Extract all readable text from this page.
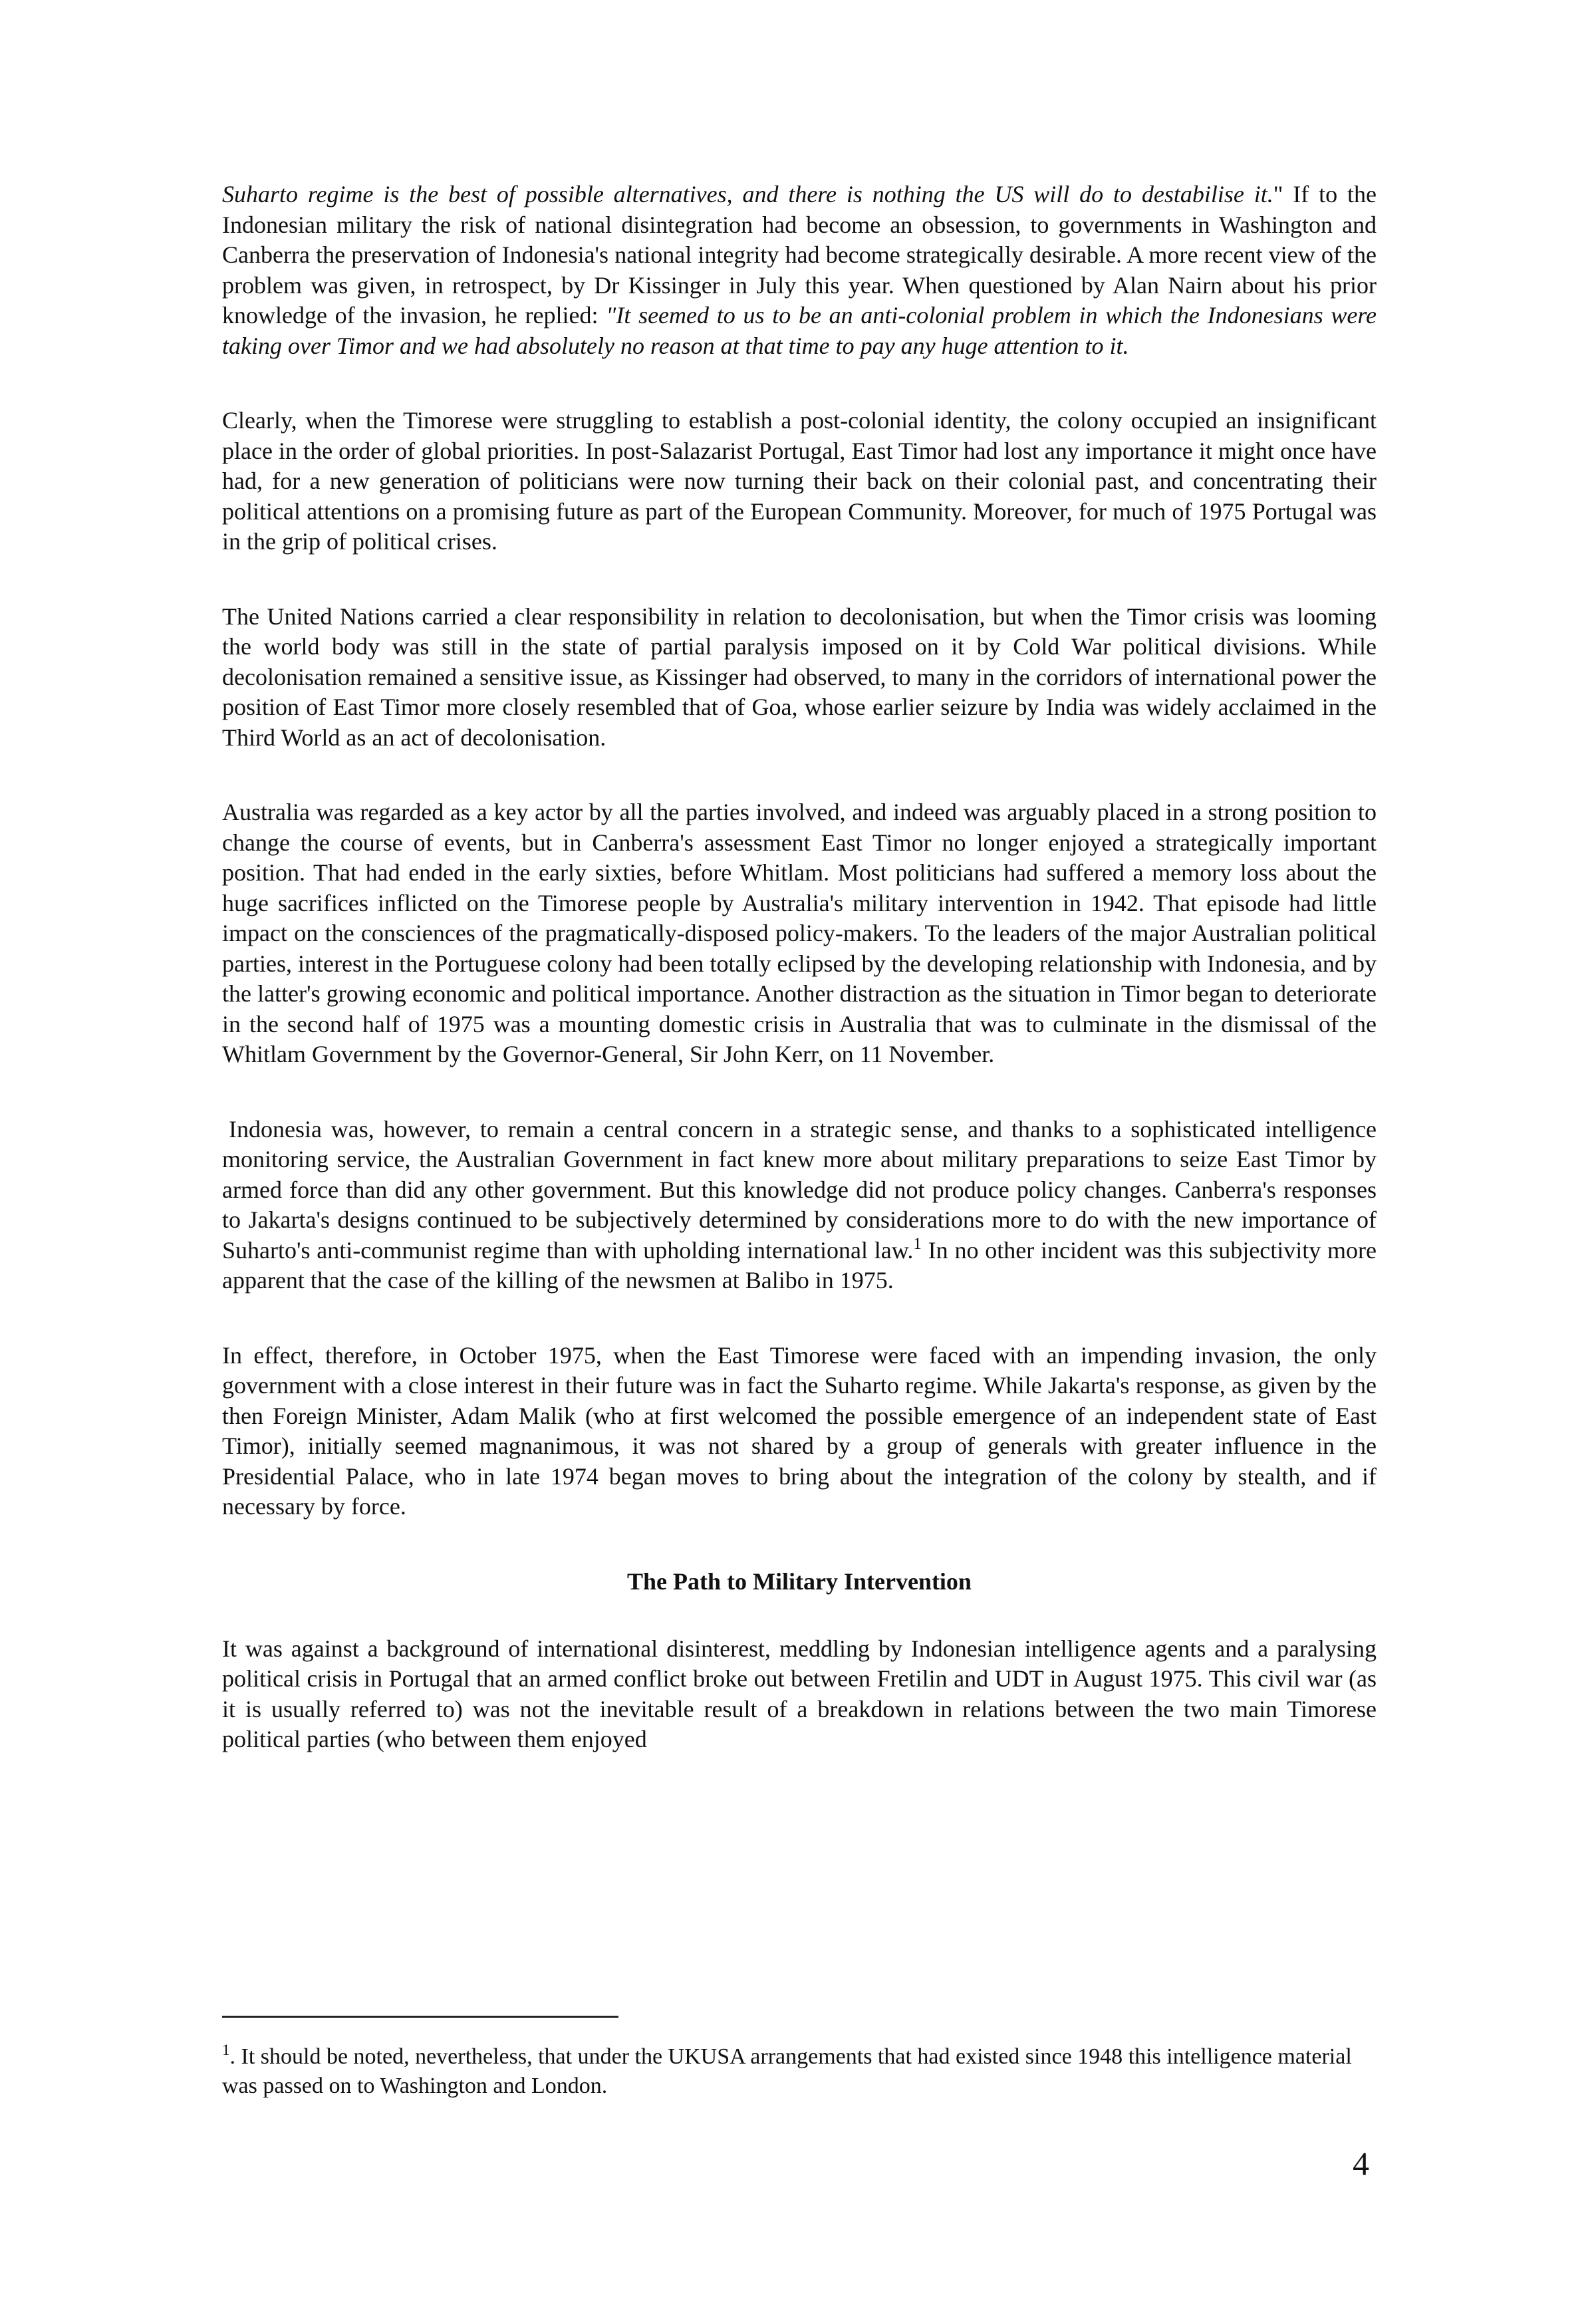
Suharto regime is the best of possible alternatives, and there is nothing the US will do to destabilise it." If to the Indonesian military the risk of national disintegration had become an obsession, to governments in Washington and Canberra the preservation of Indonesia's national integrity had become strategically desirable. A more recent view of the problem was given, in retrospect, by Dr Kissinger in July this year. When questioned by Alan Nairn about his prior knowledge of the invasion, he replied: "It seemed to us to be an anti-colonial problem in which the Indonesians were taking over Timor and we had absolutely no reason at that time to pay any huge attention to it.

Clearly, when the Timorese were struggling to establish a post-colonial identity, the colony occupied an insignificant place in the order of global priorities. In post-Salazarist Portugal, East Timor had lost any importance it might once have had, for a new generation of politicians were now turning their back on their colonial past, and concentrating their political attentions on a promising future as part of the European Community. Moreover, for much of 1975 Portugal was in the grip of political crises.

The United Nations carried a clear responsibility in relation to decolonisation, but when the Timor crisis was looming the world body was still in the state of partial paralysis imposed on it by Cold War political divisions. While decolonisation remained a sensitive issue, as Kissinger had observed, to many in the corridors of international power the position of East Timor more closely resembled that of Goa, whose earlier seizure by India was widely acclaimed in the Third World as an act of decolonisation.

Australia was regarded as a key actor by all the parties involved, and indeed was arguably placed in a strong position to change the course of events, but in Canberra's assessment East Timor no longer enjoyed a strategically important position. That had ended in the early sixties, before Whitlam. Most politicians had suffered a memory loss about the huge sacrifices inflicted on the Timorese people by Australia's military intervention in 1942. That episode had little impact on the consciences of the pragmatically-disposed policy-makers. To the leaders of the major Australian political parties, interest in the Portuguese colony had been totally eclipsed by the developing relationship with Indonesia, and by the latter's growing economic and political importance. Another distraction as the situation in Timor began to deteriorate in the second half of 1975 was a mounting domestic crisis in Australia that was to culminate in the dismissal of the Whitlam Government by the Governor-General, Sir John Kerr, on 11 November.

Indonesia was, however, to remain a central concern in a strategic sense, and thanks to a sophisticated intelligence monitoring service, the Australian Government in fact knew more about military preparations to seize East Timor by armed force than did any other government. But this knowledge did not produce policy changes. Canberra's responses to Jakarta's designs continued to be subjectively determined by considerations more to do with the new importance of Suharto's anti-communist regime than with upholding international law.$^1$ In no other incident was this subjectivity more apparent that the case of the killing of the newsmen at Balibo in 1975.

In effect, therefore, in October 1975, when the East Timorese were faced with an impending invasion, the only government with a close interest in their future was in fact the Suharto regime. While Jakarta's response, as given by the then Foreign Minister, Adam Malik (who at first welcomed the possible emergence of an independent state of East Timor), initially seemed magnanimous, it was not shared by a group of generals with greater influence in the Presidential Palace, who in late 1974 began moves to bring about the integration of the colony by stealth, and if necessary by force.

The Path to Military Intervention

It was against a background of international disinterest, meddling by Indonesian intelligence agents and a paralysing political crisis in Portugal that an armed conflict broke out between Fretilin and UDT in August 1975. This civil war (as it is usually referred to) was not the inevitable result of a breakdown in relations between the two main Timorese political parties (who between them enjoyed

$^1$. It should be noted, nevertheless, that under the UKUSA arrangements that had existed since 1948 this intelligence material was passed on to Washington and London.

4
